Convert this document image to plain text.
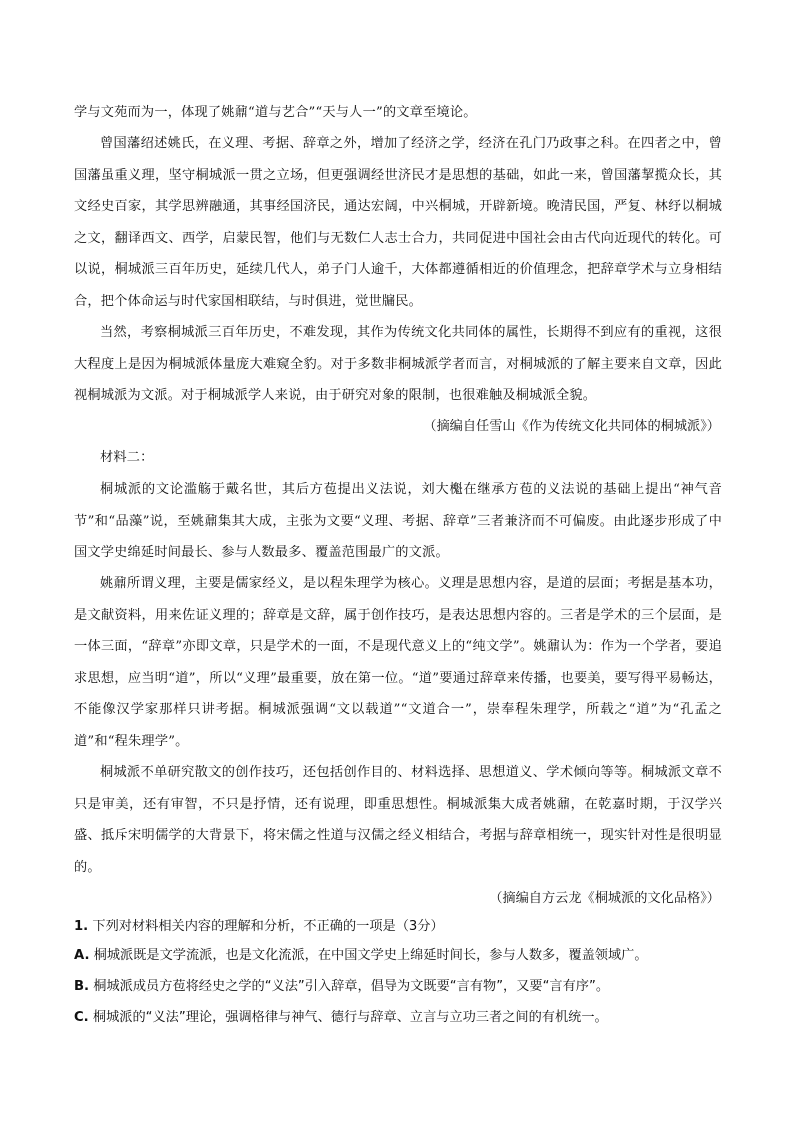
学与文苑而为一，体现了姚鼐“道与艺合”“天与人一”的文章至境论。

曾国藩绍述姚氏，在义理、考据、辞章之外，增加了经济之学，经济在孔门乃政事之科。在四者之中，曾国藩虽重义理，坚守桐城派一贯之立场，但更强调经世济民才是思想的基础，如此一来，曾国藩挈揽众长，其文经史百家，其学思辨融通，其事经国济民，通达宏阔，中兴桐城，开辟新境。晚清民国，严复、林纾以桐城之文，翻译西文、西学，启蒙民智，他们与无数仁人志士合力，共同促进中国社会由古代向近现代的转化。可以说，桐城派三百年历史，延续几代人，弟子门人逾千，大体都遵循相近的价值理念，把辞章学术与立身相结合，把个体命运与时代家国相联结，与时俱进，觉世牖民。

当然，考察桐城派三百年历史，不难发现，其作为传统文化共同体的属性，长期得不到应有的重视，这很大程度上是因为桐城派体量庞大难窥全豹。对于多数非桐城派学者而言，对桐城派的了解主要来自文章，因此视桐城派为文派。对于桐城派学人来说，由于研究对象的限制，也很难触及桐城派全貌。

（摘编自任雪山《作为传统文化共同体的桐城派》）

材料二：

桐城派的文论滥觞于戴名世，其后方苞提出义法说，刘大櫆在继承方苞的义法说的基础上提出“神气音节”和“品藻”说，至姚鼐集其大成，主张为文要“义理、考据、辞章”三者兼济而不可偏废。由此逐步形成了中国文学史绵延时间最长、参与人数最多、覆盖范围最广的文派。

姚鼐所谓义理，主要是儒家经义，是以程朱理学为核心。义理是思想内容，是道的层面；考据是基本功，是文献资料，用来佐证义理的；辞章是文辞，属于创作技巧，是表达思想内容的。三者是学术的三个层面，是一体三面，“辞章”亦即文章，只是学术的一面，不是现代意义上的“纯文学”。姚鼐认为：作为一个学者，要追求思想，应当明“道”，所以“义理”最重要，放在第一位。“道”要通过辞章来传播，也要美，要写得平易畅达，不能像汉学家那样只讲考据。桐城派强调“文以载道”“文道合一”，崇奉程朱理学，所载之“道”为“孔孟之道”和“程朱理学”。

桐城派不单研究散文的创作技巧，还包括创作目的、材料选择、思想道义、学术倾向等等。桐城派文章不只是审美，还有审智，不只是抒情，还有说理，即重思想性。桐城派集大成者姚鼐，在乾嘉时期，于汉学兴盛、抵斥宋明儒学的大背景下，将宋儒之性道与汉儒之经义相结合，考据与辞章相统一，现实针对性是很明显的。

（摘编自方云龙《桐城派的文化品格》）

1. 下列对材料相关内容的理解和分析，不正确的一项是（3分）

A. 桐城派既是文学流派，也是文化流派，在中国文学史上绵延时间长，参与人数多，覆盖领域广。

B. 桐城派成员方苞将经史之学的“义法”引入辞章，倡导为文既要“言有物”，又要“言有序”。

C. 桐城派的“义法”理论，强调格律与神气、德行与辞章、立言与立功三者之间的有机统一。
